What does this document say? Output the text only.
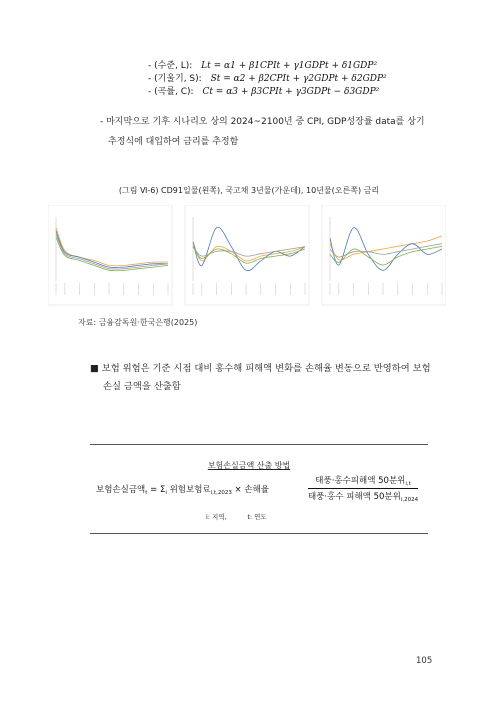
- (수준, L): Lt = α1 + β1CPIt + γ1GDPt + δ1GDP²
- (기울기, S): St = α2 + β2CPIt + γ2GDPt + δ2GDP²
- (곡률, C): Ct = α3 + β3CPIt + γ3GDPt − δ3GDP²
- 마지막으로 기후 시나리오 상의 2024~2100년 중 CPI, GDP성장률 data를 상기
추정식에 대입하여 금리를 추정함
(그림 Ⅵ-6) CD91일물(왼쪽), 국고채 3년물(가운데), 10년물(오른쪽) 금리
자료: 금융감독원·한국은행(2025)
■ 보험 위험은 기준 시점 대비 홍수해 피해액 변화를 손해율 변동으로 반영하여 보험
손실 금액을 산출함
보험손실금액 산출 방법
보험손실금액$_t = \Sigma_i$ 위험보험료$_{i,t,2023}$ × 손해율
태풍·홍수피해액 50분위$_{i,t}$
태풍·홍수 피해액 50분위$_{i,2024}$
i: 지역,          t: 연도
105
